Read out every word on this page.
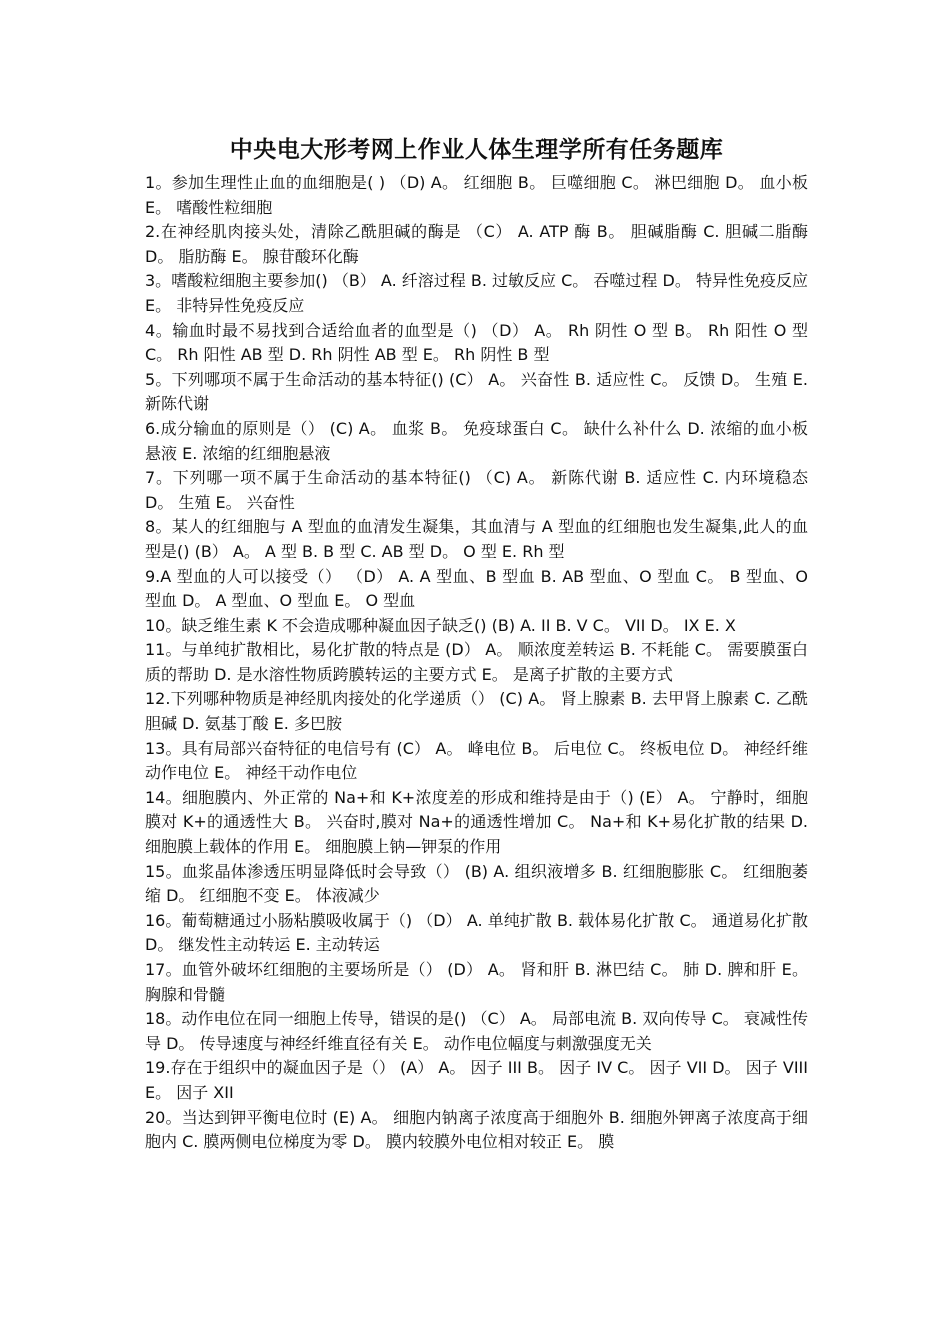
中央电大形考网上作业人体生理学所有任务题库

1。参加生理性止血的血细胞是( ) （D) A。 红细胞 B。 巨噬细胞 C。 淋巴细胞 D。 血小板 E。 嗜酸性粒细胞

2.在神经肌肉接头处，清除乙酰胆碱的酶是 （C） A. ATP 酶 B。 胆碱脂酶 C. 胆碱二脂酶 D。 脂肪酶 E。 腺苷酸环化酶

3。嗜酸粒细胞主要参加() （B） A. 纤溶过程 B. 过敏反应 C。 吞噬过程 D。 特异性免疫反应 E。 非特异性免疫反应

4。输血时最不易找到合适给血者的血型是（) （D） A。 Rh 阴性 O 型 B。 Rh 阳性 O 型 C。 Rh 阳性 AB 型 D. Rh 阴性 AB 型 E。 Rh 阴性 B 型

5。下列哪项不属于生命活动的基本特征() (C） A。 兴奋性 B. 适应性 C。 反馈 D。 生殖 E. 新陈代谢

6.成分输血的原则是（） (C) A。 血浆 B。 免疫球蛋白 C。 缺什么补什么 D. 浓缩的血小板悬液 E. 浓缩的红细胞悬液

7。下列哪一项不属于生命活动的基本特征() （C) A。 新陈代谢 B. 适应性 C. 内环境稳态 D。 生殖 E。 兴奋性

8。某人的红细胞与 A 型血的血清发生凝集，其血清与 A 型血的红细胞也发生凝集,此人的血型是() (B） A。 A 型 B. B 型 C. AB 型 D。 O 型 E. Rh 型

9.A 型血的人可以接受（） （D） A. A 型血、B 型血 B. AB 型血、O 型血 C。 B 型血、O 型血 D。 A 型血、O 型血 E。 O 型血

10。缺乏维生素 K 不会造成哪种凝血因子缺乏() (B) A. II B. V C。 VII D。 IX E. X

11。与单纯扩散相比，易化扩散的特点是 (D） A。 顺浓度差转运 B. 不耗能 C。 需要膜蛋白质的帮助 D. 是水溶性物质跨膜转运的主要方式 E。 是离子扩散的主要方式

12.下列哪种物质是神经肌肉接处的化学递质（） (C) A。 肾上腺素 B. 去甲肾上腺素 C. 乙酰胆碱 D. 氨基丁酸 E. 多巴胺

13。具有局部兴奋特征的电信号有 (C） A。 峰电位 B。 后电位 C。 终板电位 D。 神经纤维动作电位 E。 神经干动作电位

14。细胞膜内、外正常的 Na+和 K+浓度差的形成和维持是由于（) (E） A。 宁静时，细胞膜对 K+的通透性大 B。 兴奋时,膜对 Na+的通透性增加 C。 Na+和 K+易化扩散的结果 D. 细胞膜上载体的作用 E。 细胞膜上钠—钾泵的作用

15。血浆晶体渗透压明显降低时会导致（） (B) A. 组织液增多 B. 红细胞膨胀 C。 红细胞萎缩 D。 红细胞不变 E。 体液减少

16。葡萄糖通过小肠粘膜吸收属于（) （D） A. 单纯扩散 B. 载体易化扩散 C。 通道易化扩散 D。 继发性主动转运 E. 主动转运

17。血管外破坏红细胞的主要场所是（） (D） A。 肾和肝 B. 淋巴结 C。 肺 D. 脾和肝 E。 胸腺和骨髓

18。动作电位在同一细胞上传导，错误的是() （C） A。 局部电流 B. 双向传导 C。 衰减性传导 D。 传导速度与神经纤维直径有关 E。 动作电位幅度与刺激强度无关

19.存在于组织中的凝血因子是（） (A） A。 因子 III B。 因子 IV C。 因子 VII D。 因子 VIII E。 因子 XII

20。当达到钾平衡电位时 (E) A。 细胞内钠离子浓度高于细胞外 B. 细胞外钾离子浓度高于细胞内 C. 膜两侧电位梯度为零 D。 膜内较膜外电位相对较正 E。 膜
